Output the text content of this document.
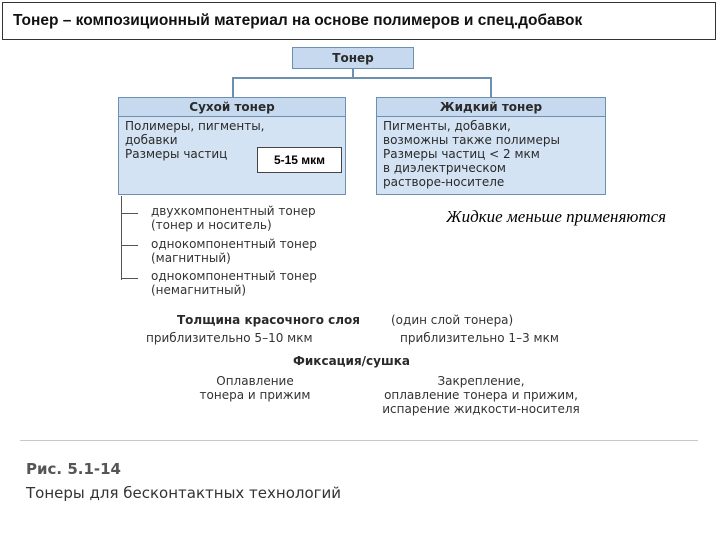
Тонер – композиционный материал на основе полимеров и спец.добавок
Тонер
Сухой тонер
Полимеры, пигменты,
добавки
Размеры частиц
Жидкий тонер
Пигменты, добавки,
возможны также полимеры
Размеры частиц < 2 мкм
в диэлектрическом
растворе-носителе
двухкомпонентный тонер
(тонер и носитель)
однокомпонентный тонер
(магнитный)
однокомпонентный тонер
(немагнитный)
Толщина красочного слоя	(один слой тонера)
приблизительно 5–10 мкм	приблизительно 1–3 мкм
Фиксация/сушка
Оплавление
тонера и прижим
Закрепление,
оплавление тонера и прижим,
испарение жидкости-носителя
5-15 мкм
Жидкие меньше применяются
Рис. 5.1-14
Тонеры для бесконтактных технологий
